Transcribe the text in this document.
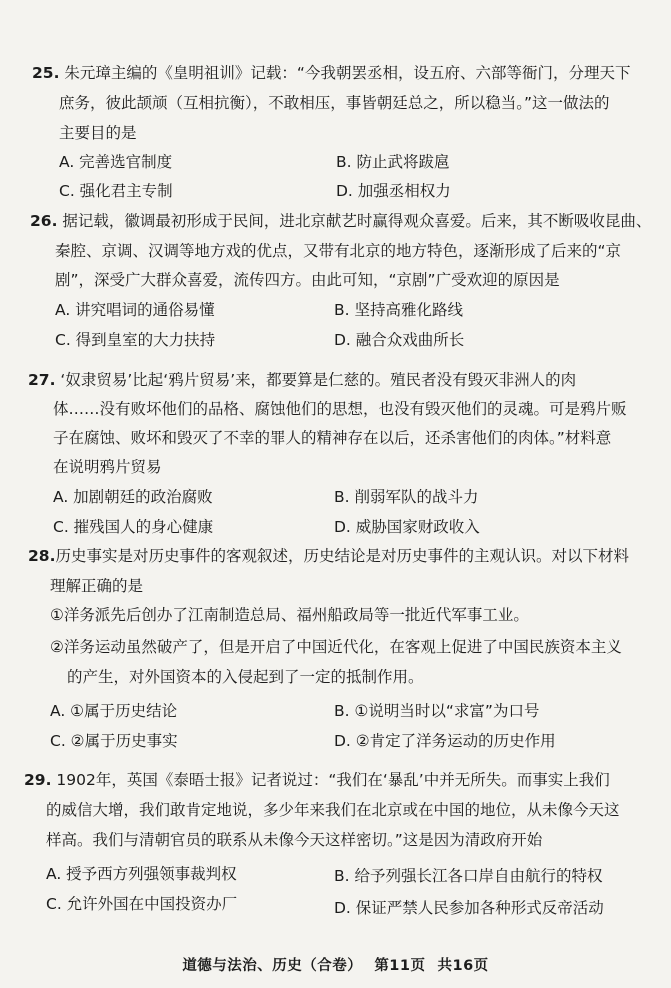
25. 朱元璋主编的《皇明祖训》记载：“今我朝罢丞相，设五府、六部等衙门，分理天下
庶务，彼此颉颃（互相抗衡），不敢相压，事皆朝廷总之，所以稳当。”这一做法的
主要目的是
A. 完善选官制度	B. 防止武将跋扈
C. 强化君主专制	D. 加强丞相权力
26. 据记载，徽调最初形成于民间，进北京献艺时赢得观众喜爱。后来，其不断吸收昆曲、
秦腔、京调、汉调等地方戏的优点，又带有北京的地方特色，逐渐形成了后来的“京
剧”，深受广大群众喜爱，流传四方。由此可知，“京剧”广受欢迎的原因是
A. 讲究唱词的通俗易懂	B. 坚持高雅化路线
C. 得到皇室的大力扶持	D. 融合众戏曲所长
27. ‘奴隶贸易’比起‘鸦片贸易’来，都要算是仁慈的。殖民者没有毁灭非洲人的肉
体……没有败坏他们的品格、腐蚀他们的思想，也没有毁灭他们的灵魂。可是鸦片贩
子在腐蚀、败坏和毁灭了不幸的罪人的精神存在以后，还杀害他们的肉体。”材料意
在说明鸦片贸易
A. 加剧朝廷的政治腐败	B. 削弱军队的战斗力
C. 摧残国人的身心健康	D. 威胁国家财政收入
28.历史事实是对历史事件的客观叙述，历史结论是对历史事件的主观认识。对以下材料
理解正确的是
①洋务派先后创办了江南制造总局、福州船政局等一批近代军事工业。
②洋务运动虽然破产了，但是开启了中国近代化，在客观上促进了中国民族资本主义
的产生，对外国资本的入侵起到了一定的抵制作用。
A. ①属于历史结论	B. ①说明当时以“求富”为口号
C. ②属于历史事实	D. ②肯定了洋务运动的历史作用
29. 1902年，英国《泰晤士报》记者说过：“我们在‘暴乱’中并无所失。而事实上我们
的威信大增，我们敢肯定地说，多少年来我们在北京或在中国的地位，从未像今天这
样高。我们与清朝官员的联系从未像今天这样密切。”这是因为清政府开始
A. 授予西方列强领事裁判权	B. 给予列强长江各口岸自由航行的特权
C. 允许外国在中国投资办厂	D. 保证严禁人民参加各种形式反帝活动
道德与法治、历史（合卷） 第11页 共16页
